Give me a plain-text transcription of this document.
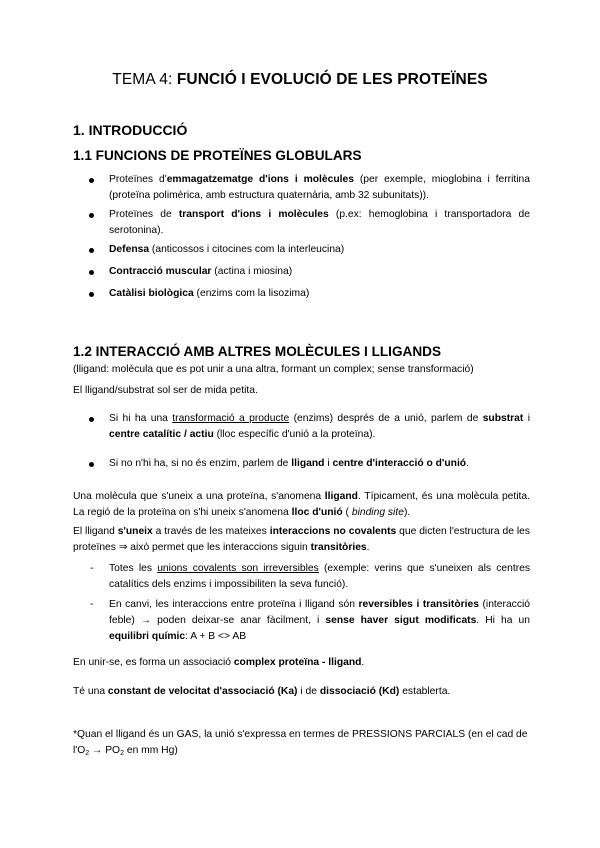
TEMA 4: FUNCIÓ I EVOLUCIÓ DE LES PROTEÏNES
1. INTRODUCCIÓ
1.1 FUNCIONS DE PROTEÏNES GLOBULARS
Proteïnes d'emmagatzematge d'ions i molècules (per exemple, mioglobina i ferritina (proteïna polimèrica, amb estructura quaternària, amb 32 subunitats)).
Proteïnes de transport d'ions i molècules (p.ex: hemoglobina i transportadora de serotonina).
Defensa (anticossos i citocines com la interleucina)
Contracció muscular (actina i miosina)
Catàlisi biològica (enzims com la lisozima)
1.2 INTERACCIÓ AMB ALTRES MOLÈCULES I LLIGANDS
(lligand: molècula que es pot unir a una altra, formant un complex; sense transformació)
El lligand/substrat sol ser de mida petita.
Si hi ha una transformació a producte (enzims) després de a unió, parlem de substrat i centre catalític / actiu (lloc específic d'unió a la proteïna).
Si no n'hi ha, si no és enzim, parlem de lligand i centre d'interacció o d'unió.
Una molècula que s'uneix a una proteïna, s'anomena lligand. Típicament, és una molècula petita. La regió de la proteïna on s'hi uneix s'anomena lloc d'unió ( binding site).
El lligand s'uneix a través de les mateixes interaccions no covalents que dicten l'estructura de les proteïnes ⇒ això permet que les interaccions siguin transitòries.
- Totes les unions covalents son irreversibles (exemple: verins que s'uneixen als centres catalítics dels enzims i impossibiliten la seva funció).
- En canvi, les interaccions entre proteïna i lligand són reversibles i transitòries (interacció feble) → poden deixar-se anar fàcilment, i sense haver sigut modificats. Hi ha un equilibri químic: A + B <> AB
En unir-se, es forma un associació complex proteïna - lligand.
Té una constant de velocitat d'associació (Ka) i de dissociació (Kd) establerta.
*Quan el lligand és un GAS, la unió s'expressa en termes de PRESSIONS PARCIALS (en el cad de $l'O_2 \to PO_2$ en mm Hg)
